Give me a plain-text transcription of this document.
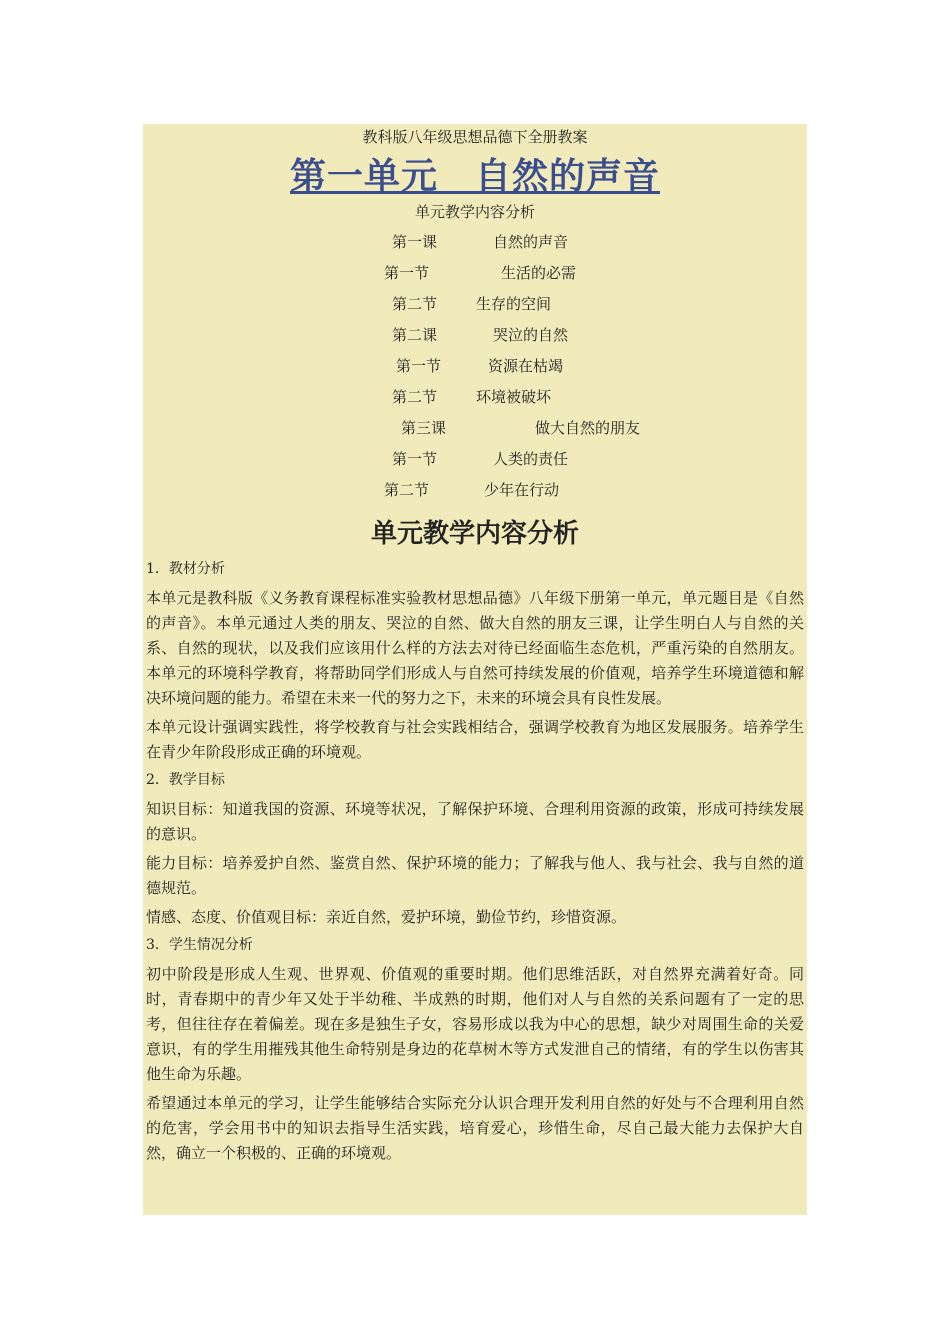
教科版八年级思想品德下全册教案
第一单元　自然的声音
单元教学内容分析
第一课	自然的声音
第一节	生活的必需
第二节	生存的空间
第二课	哭泣的自然
第一节	资源在枯竭
第二节	环境被破坏
第三课	做大自然的朋友
第一节	人类的责任
第二节	少年在行动
单元教学内容分析
1．教材分析

本单元是教科版《义务教育课程标准实验教材思想品德》八年级下册第一单元，单元题目是《自然的声音》。本单元通过人类的朋友、哭泣的自然、做大自然的朋友三课，让学生明白人与自然的关系、自然的现状，以及我们应该用什么样的方法去对待已经面临生态危机，严重污染的自然朋友。本单元的环境科学教育，将帮助同学们形成人与自然可持续发展的价值观，培养学生环境道德和解决环境问题的能力。希望在未来一代的努力之下，未来的环境会具有良性发展。

本单元设计强调实践性，将学校教育与社会实践相结合，强调学校教育为地区发展服务。培养学生在青少年阶段形成正确的环境观。

2．教学目标

知识目标：知道我国的资源、环境等状况，了解保护环境、合理利用资源的政策，形成可持续发展的意识。

能力目标：培养爱护自然、鉴赏自然、保护环境的能力；了解我与他人、我与社会、我与自然的道德规范。

情感、态度、价值观目标：亲近自然，爱护环境，勤俭节约，珍惜资源。

3．学生情况分析

初中阶段是形成人生观、世界观、价值观的重要时期。他们思维活跃，对自然界充满着好奇。同时，青春期中的青少年又处于半幼稚、半成熟的时期，他们对人与自然的关系问题有了一定的思考，但往往存在着偏差。现在多是独生子女，容易形成以我为中心的思想，缺少对周围生命的关爱意识，有的学生用摧残其他生命特别是身边的花草树木等方式发泄自己的情绪，有的学生以伤害其他生命为乐趣。

希望通过本单元的学习，让学生能够结合实际充分认识合理开发利用自然的好处与不合理利用自然的危害，学会用书中的知识去指导生活实践，培育爱心，珍惜生命，尽自己最大能力去保护大自然，确立一个积极的、正确的环境观。
